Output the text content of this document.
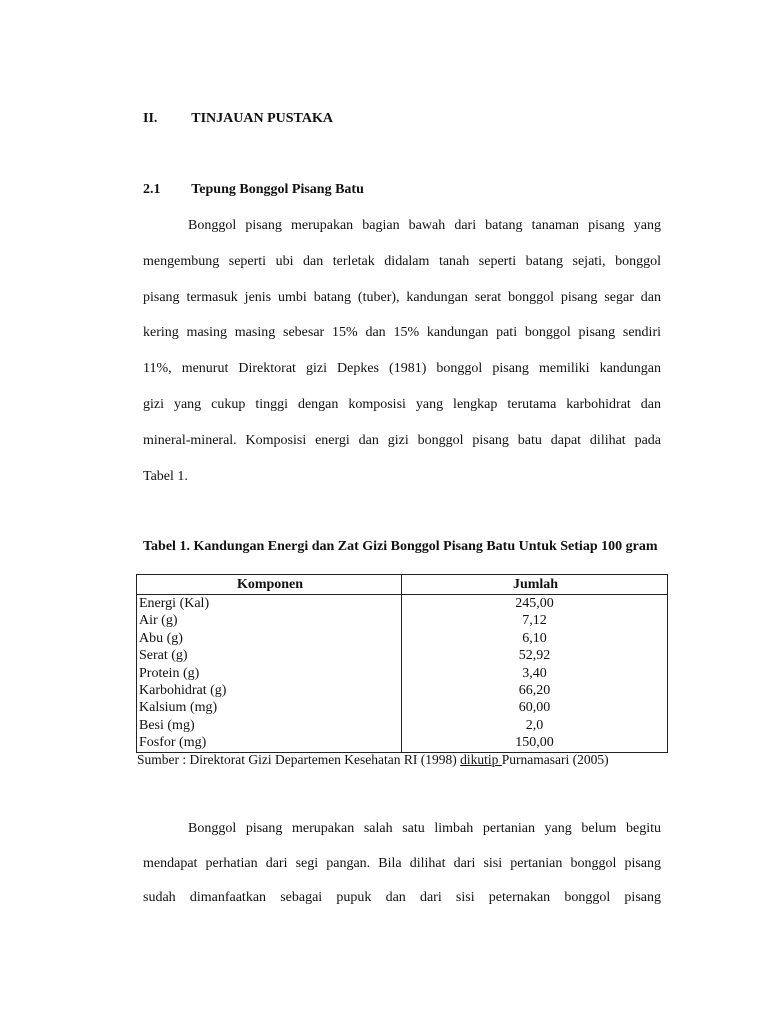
II. TINJAUAN PUSTAKA
2.1 Tepung Bonggol Pisang Batu
Bonggol pisang merupakan bagian bawah dari batang tanaman pisang yang
mengembung seperti ubi dan terletak didalam tanah seperti batang sejati, bonggol
pisang termasuk jenis umbi batang (tuber), kandungan serat bonggol pisang segar dan
kering masing masing sebesar 15% dan 15% kandungan pati bonggol pisang sendiri
11%, menurut Direktorat gizi Depkes (1981) bonggol pisang memiliki kandungan
gizi yang cukup tinggi dengan komposisi yang lengkap terutama karbohidrat dan
mineral-mineral. Komposisi energi dan gizi bonggol pisang batu dapat dilihat pada
Tabel 1.
Tabel 1. Kandungan Energi dan Zat Gizi Bonggol Pisang Batu Untuk Setiap 100 gram
Komponen	Jumlah
Energi (Kal)	245,00
Air (g)	7,12
Abu (g)	6,10
Serat (g)	52,92
Protein (g)	3,40
Karbohidrat (g)	66,20
Kalsium (mg)	60,00
Besi (mg)	2,0
Fosfor (mg)	150,00
Sumber : Direktorat Gizi Departemen Kesehatan RI (1998) dikutip Purnamasari (2005)
Bonggol pisang merupakan salah satu limbah pertanian yang belum begitu
mendapat perhatian dari segi pangan. Bila dilihat dari sisi pertanian bonggol pisang
sudah dimanfaatkan sebagai pupuk dan dari sisi peternakan bonggol pisang
